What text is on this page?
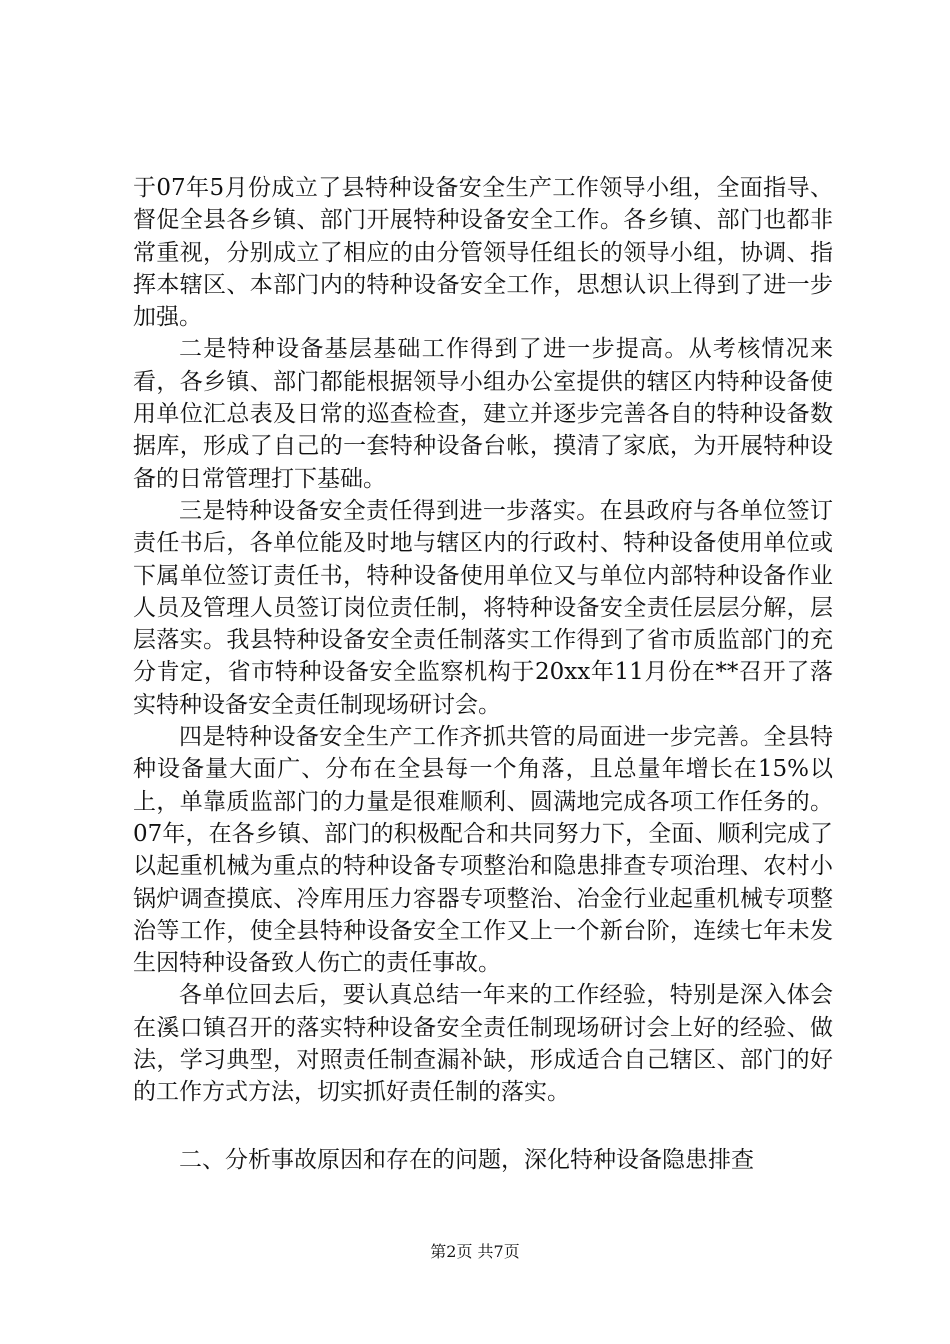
于07年5月份成立了县特种设备安全生产工作领导小组，全面指导、督促全县各乡镇、部门开展特种设备安全工作。各乡镇、部门也都非常重视，分别成立了相应的由分管领导任组长的领导小组，协调、指挥本辖区、本部门内的特种设备安全工作，思想认识上得到了进一步加强。

二是特种设备基层基础工作得到了进一步提高。从考核情况来看，各乡镇、部门都能根据领导小组办公室提供的辖区内特种设备使用单位汇总表及日常的巡查检查，建立并逐步完善各自的特种设备数据库，形成了自己的一套特种设备台帐，摸清了家底，为开展特种设备的日常管理打下基础。

三是特种设备安全责任得到进一步落实。在县政府与各单位签订责任书后，各单位能及时地与辖区内的行政村、特种设备使用单位或下属单位签订责任书，特种设备使用单位又与单位内部特种设备作业人员及管理人员签订岗位责任制，将特种设备安全责任层层分解，层层落实。我县特种设备安全责任制落实工作得到了省市质监部门的充分肯定，省市特种设备安全监察机构于20xx年11月份在**召开了落实特种设备安全责任制现场研讨会。

四是特种设备安全生产工作齐抓共管的局面进一步完善。全县特种设备量大面广、分布在全县每一个角落，且总量年增长在15%以上，单靠质监部门的力量是很难顺利、圆满地完成各项工作任务的。07年，在各乡镇、部门的积极配合和共同努力下，全面、顺利完成了以起重机械为重点的特种设备专项整治和隐患排查专项治理、农村小锅炉调查摸底、冷库用压力容器专项整治、冶金行业起重机械专项整治等工作，使全县特种设备安全工作又上一个新台阶，连续七年未发生因特种设备致人伤亡的责任事故。

各单位回去后，要认真总结一年来的工作经验，特别是深入体会在溪口镇召开的落实特种设备安全责任制现场研讨会上好的经验、做法，学习典型，对照责任制查漏补缺，形成适合自己辖区、部门的好的工作方式方法，切实抓好责任制的落实。

二、分析事故原因和存在的问题，深化特种设备隐患排查
第2页 共7页
